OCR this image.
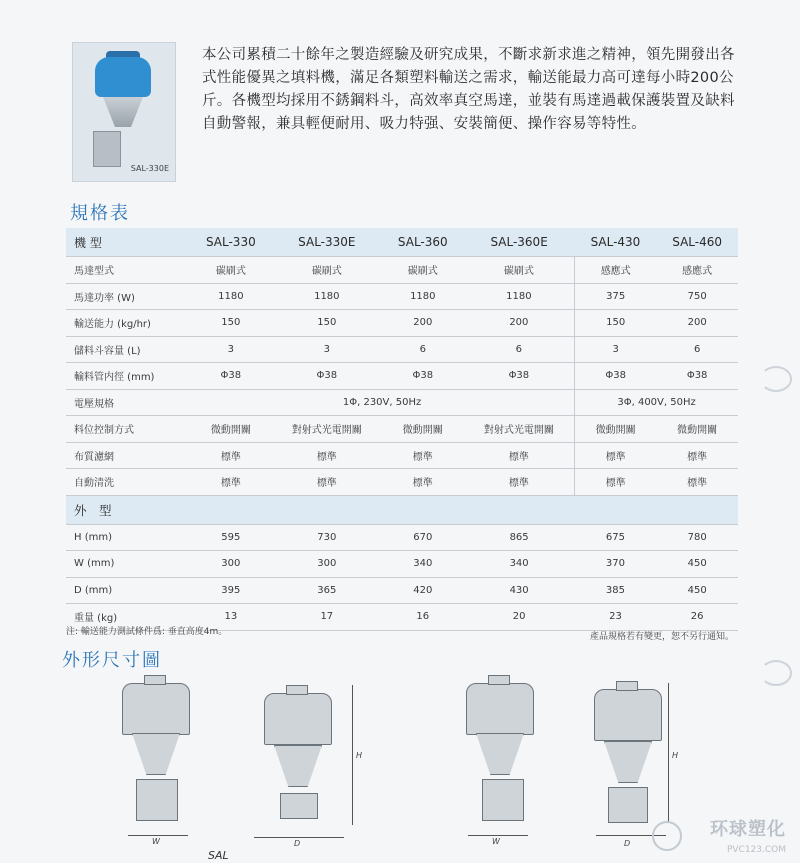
SAL-330E
本公司累積二十餘年之製造經驗及研究成果，不斷求新求進之精神，領先開發出各式性能優異之填料機，滿足各類塑料輸送之需求，輸送能最力高可達每小時200公斤。各機型均採用不銹鋼料斗，高效率真空馬達，並裝有馬達過載保護裝置及缺料自動警報，兼具輕便耐用、吸力特强、安裝簡便、操作容易等特性。
規格表
機 型	SAL-330	SAL-330E	SAL-360	SAL-360E	SAL-430	SAL-460
馬達型式	碳刷式	碳刷式	碳刷式	碳刷式	感應式	感應式
馬達功率 (W)	1180	1180	1180	1180	375	750
輸送能力 (kg/hr)	150	150	200	200	150	200
儲料斗容量 (L)	3	3	6	6	3	6
輸料管内徑 (mm)	Φ38	Φ38	Φ38	Φ38	Φ38	Φ38
電壓規格	1Φ, 230V, 50Hz				3Φ, 400V, 50Hz	
料位控制方式	微動開關	對射式光電開關	微動開關	對射式光電開關	微動開關	微動開關
布質濾網	標準	標準	標準	標準	標準	標準
自動清洗	標準	標準	標準	標準	標準	標準
外　型						
H (mm)	595	730	670	865	675	780
W (mm)	300	300	340	340	370	450
D (mm)	395	365	420	430	385	450
重量 (kg)	13	17	16	20	23	26
注: 輸送能力測試條件爲: 垂直高度4m。	產品規格若有變更，恕不另行通知。
外形尺寸圖
W
H
D	W
H
D
SAL
环球塑化
PVC123.COM
